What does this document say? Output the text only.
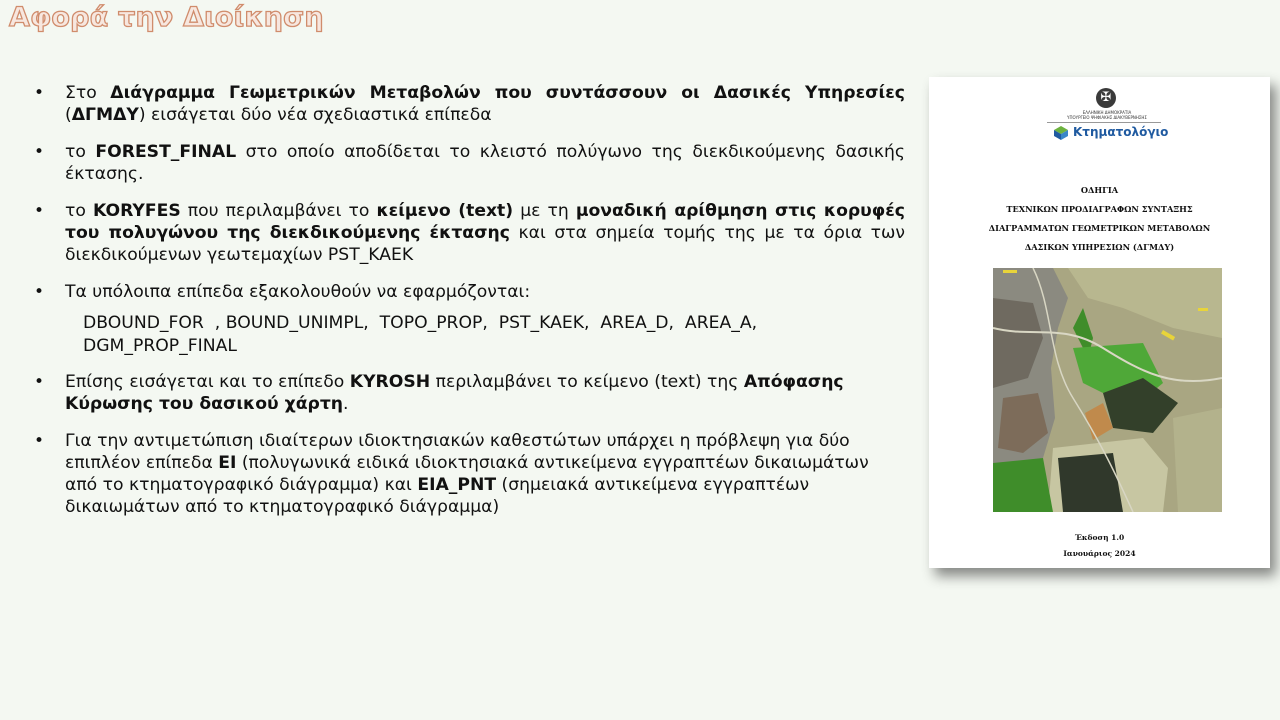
Αφορά την Διοίκηση

• Στο Διάγραμμα Γεωμετρικών Μεταβολών που συντάσσουν οι Δασικές Υπηρεσίες (ΔΓΜΔΥ) εισάγεται δύο νέα σχεδιαστικά επίπεδα

• το FOREST_FINAL στο οποίο αποδίδεται το κλειστό πολύγωνο της διεκδικούμενης δασικής έκτασης.

• το KORYFES που περιλαμβάνει το κείμενο (text) με τη μοναδική αρίθμηση στις κορυφές του πολυγώνου της διεκδικούμενης έκτασης και στα σημεία τομής της με τα όρια των διεκδικούμενων γεωτεμαχίων PST_KAEK

• Τα υπόλοιπα επίπεδα εξακολουθούν να εφαρμόζονται:

DBOUND_FOR  , BOUND_UNIMPL,  TOPO_PROP,  PST_KAEK,  AREA_D,  AREA_A,
DGM_PROP_FINAL

• Επίσης εισάγεται και το επίπεδο KYROSH περιλαμβάνει το κείμενο (text) της Απόφασης Κύρωσης του δασικού χάρτη.

• Για την αντιμετώπιση ιδιαίτερων ιδιοκτησιακών καθεστώτων υπάρχει η πρόβλεψη για δύο επιπλέον επίπεδα ΕΙ (πολυγωνικά ειδικά ιδιοκτησιακά αντικείμενα εγγραπτέων δικαιωμάτων από το κτηματογραφικό διάγραμμα) και ΕΙΑ_PNT (σημειακά αντικείμενα εγγραπτέων δικαιωμάτων από το κτηματογραφικό διάγραμμα)

✠
ΕΛΛΗΝΙΚΗ ΔΗΜΟΚΡΑΤΙΑ
ΥΠΟΥΡΓΕΙΟ ΨΗΦΙΑΚΗΣ ΔΙΑΚΥΒΕΡΝΗΣΗΣ
Κτηματολόγιο
ΟΔΗΓΙΑ
ΤΕΧΝΙΚΩΝ ΠΡΟΔΙΑΓΡΑΦΩΝ ΣΥΝΤΑΞΗΣ
ΔΙΑΓΡΑΜΜΑΤΩΝ ΓΕΩΜΕΤΡΙΚΩΝ ΜΕΤΑΒΟΛΩΝ
ΔΑΣΙΚΩΝ ΥΠΗΡΕΣΙΩΝ (ΔΓΜΔΥ)
Έκδοση 1.0
Ιανουάριος 2024
